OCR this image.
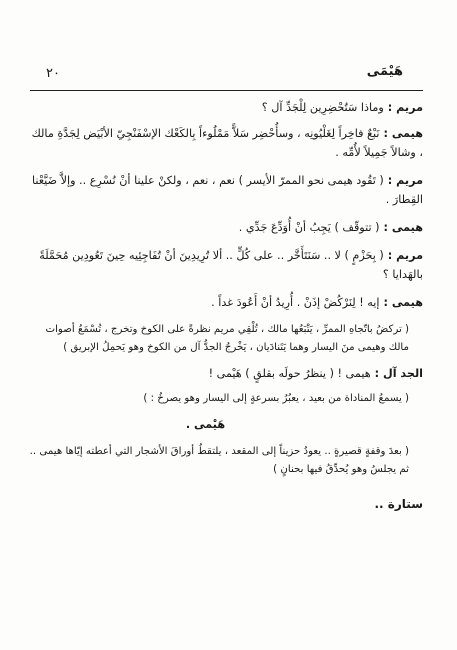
٢٠	هَيْمَى

مريم :وماذا سَتُحْضِرِين لِلْجَدِّ آل ؟

هيمى :نَبْعٌ فاخِراً لِغَلْيُونِه ، وسأُحْضِر سَلاًّ مَمْلُوءاً بِالكَعْك الإسْفَنْجِيّ الأبْيَض لِجَدَّةِ مالك ، وشالاً جَمِيلاً لأُمِّه .

مريم :( تَقُود هيمى نحو الممرّ الأيسر ) نعم ، نعم ، ولكنْ علينا أنْ نُسْرِع .. وإلاَّ ضَيَّعْنا القِطارَ .

هيمى :( تتوقّف ) يَجِبُ أنْ أُوَدِّعَ جَدِّي .

مريم :( بِحَزْمٍ ) لا .. سَنَتَأَخَّر .. على كُلٍّ .. ألا تُرِيدِينَ أنْ تُفَاجِئِيه حِينَ تَعُودِين مُحَمَّلَةً بالهَدايا ؟

هيمى :إيه ! لِنَرْكُضْ إذَنْ . أُرِيدُ أنْ أَعُودَ غداً .

( تركضُ باتّجاهِ الممرِّ ، يَتْبَعُها مالك ، تُلْقِي مريم نظرةً على الكوخ وتخرج ، تُسْمَعُ أصوات مالك وهيمى منَ اليسار وهما يَتَنادَيان ، يَخْرجُ الجدُّ آل من الكوخ وهو يَحمِلُ الإبريق )

الجد آل :هيمى ! ( ينظرُ حولَه بقلقٍ ) هَيْمى !

( يسمعُ المناداة من بعيد ، يعبُرُ بسرعةٍ إلى اليسار وهو يصرخُ : )

هَيْمى .

( بعدَ وقفةٍ قصيرةٍ .. يعودُ حزيناً إلى المقعد ، يلتقطُ أوراقَ الأشجار التي أعطته إيّاها هيمى .. ثم يجلسُ وهو يُحدِّقُ فيها بحنانٍ )

ستارة ..
